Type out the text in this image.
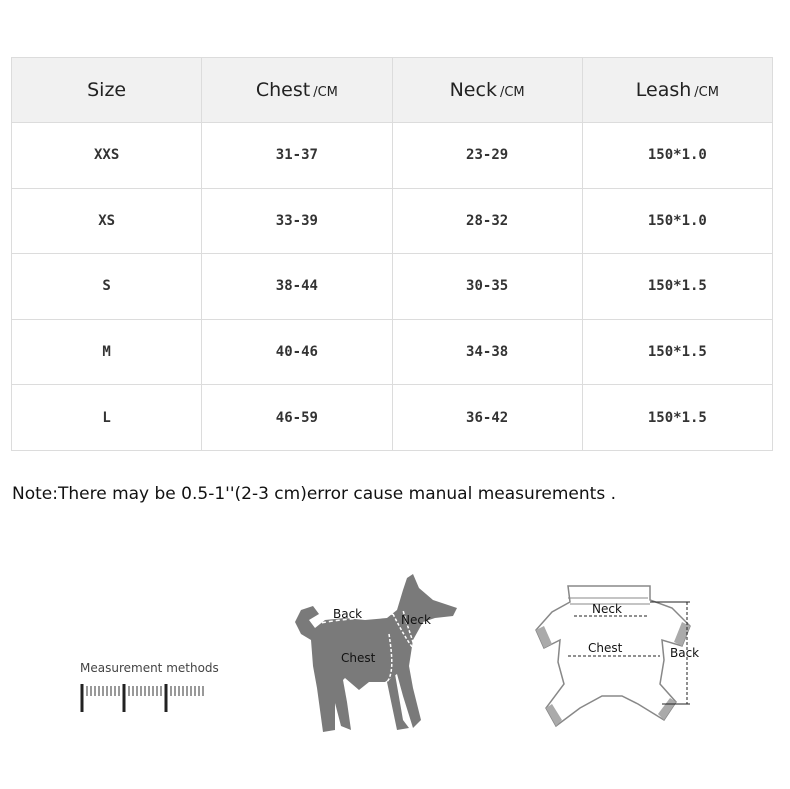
Size	Chest /CM	Neck /CM	Leash /CM
XXS	31-37	23-29	150*1.0
XS	33-39	28-32	150*1.0
S	38-44	30-35	150*1.5
M	40-46	34-38	150*1.5
L	46-59	36-42	150*1.5
Note:There may be 0.5-1''(2-3 cm)error cause manual measurements .
Measurement methods
Back	Neck
Chest
Neck
Chest	Back
